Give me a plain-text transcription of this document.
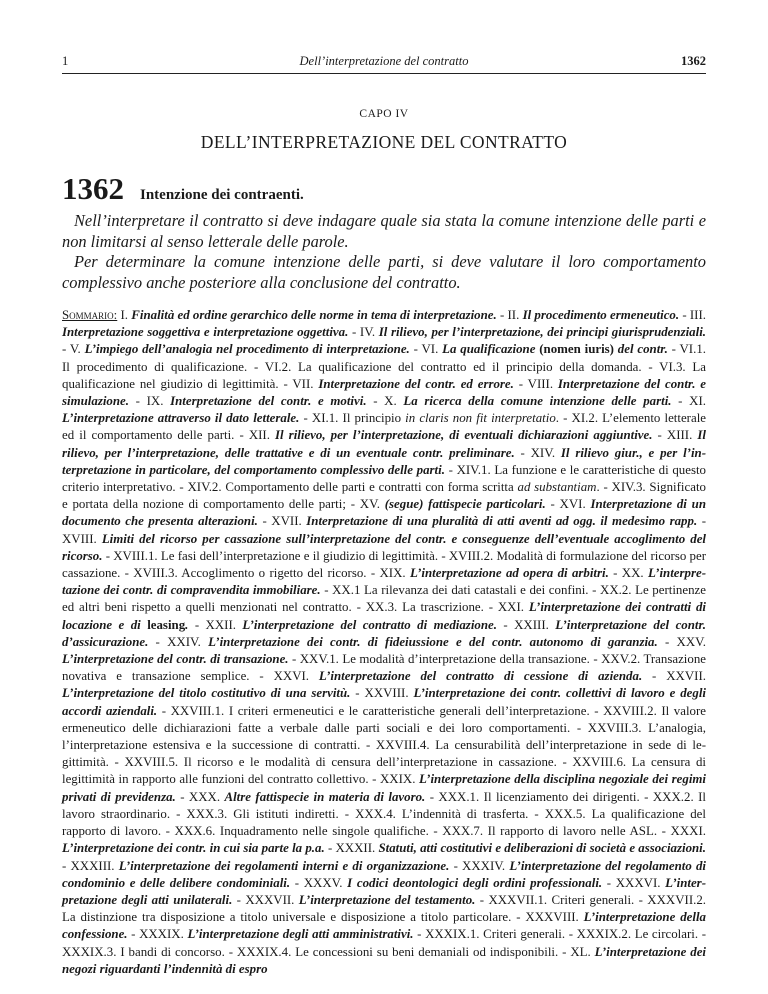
1	Dell’interpretazione del contratto	1362
CAPO IV
DELL’INTERPRETAZIONE DEL CONTRATTO
1362 Intenzione dei contraenti.

Nell’interpretare il contratto si deve indagare quale sia stata la comune intenzione delle parti e non limitarsi al senso letterale delle parole.

Per determinare la comune intenzione delle parti, si deve valutare il loro comportamento complessivo anche posteriore alla conclusione del contratto.

Sommario: I. Finalità ed ordine gerarchico delle norme in tema di interpretazione. - II. Il procedimento ermeneutico. - III. Interpretazione soggettiva e interpretazione oggettiva. - IV. Il rilievo, per l’interpretazione, dei principi giurisprudenziali. - V. L’impiego dell’analogia nel procedimento di interpretazione. - VI. La qualificazione (nomen iuris) del contr. - VI.1. Il procedimento di qualificazione. - VI.2. La qualificazione del contratto ed il principio della domanda. - VI.3. La qualificazione nel giudizio di legittimità. - VII. Interpretazione del contr. ed errore. - VIII. Interpretazione del contr. e simulazione. - IX. Interpretazione del contr. e motivi. - X. La ricerca della comune intenzione delle parti. - XI. L’interpretazione attraverso il dato letterale. - XI.1. Il principio in claris non fit interpretatio. - XI.2. L’elemento letterale ed il comportamento delle parti. - XII. Il rilievo, per l’interpretazione, di eventuali dichiarazioni aggiuntive. - XIII. Il rilievo, per l’interpretazione, delle trattative e di un eventuale contr. preliminare. - XIV. Il rilievo giur., e per l’interpretazione in particolare, del comportamento complessivo delle parti. - XIV.1. La funzione e le caratteristiche di questo criterio interpretativo. - XIV.2. Comportamento delle parti e contratti con forma scritta ad substantiam. - XIV.3. Significato e portata della nozione di comportamento delle parti; - XV. (segue) fattispecie particolari. - XVI. Interpretazione di un documento che presenta alterazioni. - XVII. Interpretazione di una pluralità di atti aventi ad ogg. il medesimo rapp. - XVIII. Limiti del ricorso per cassazione sull’interpretazione del contr. e conseguenze dell’eventuale accoglimento del ricorso. - XVIII.1. Le fasi dell’interpretazione e il giudizio di legittimità. - XVIII.2. Modalità di formulazione del ricorso per cassazione. - XVIII.3. Accoglimento o rigetto del ricorso. - XIX. L’interpretazione ad opera di arbitri. - XX. L’interpretazione dei contr. di compravendita immobiliare. - XX.1 La rilevanza dei dati catastali e dei confini. - XX.2. Le pertinenze ed altri beni rispetto a quelli menzionati nel contratto. - XX.3. La trascrizione. - XXI. L’interpretazione dei contratti di locazione e di leasing. - XXII. L’interpretazione del contratto di mediazione. - XXIII. L’interpretazione del contr. d’assicurazione. - XXIV. L’interpretazione dei contr. di fideiussione e del contr. autonomo di garanzia. - XXV. L’interpretazione del contr. di transazione. - XXV.1. Le modalità d’interpretazione della transazione. - XXV.2. Transazione novativa e transazione semplice. - XXVI. L’interpretazione del contratto di cessione di azienda. - XXVII. L’interpretazione del titolo costitutivo di una servitù. - XXVIII. L’interpretazione dei contr. collettivi di lavoro e degli accordi aziendali. - XXVIII.1. I criteri ermeneutici e le caratteristiche generali dell’interpretazione. - XXVIII.2. Il valore ermeneutico delle dichiarazioni fatte a verbale dalle parti sociali e dei loro comportamenti. - XXVIII.3. L’analogia, l’interpretazione estensiva e la successione di contratti. - XXVIII.4. La censurabilità dell’interpretazione in sede di legittimità. - XXVIII.5. Il ricorso e le modalità di censura dell’interpretazione in cassazione. - XXVIII.6. La censura di legittimità in rapporto alle funzioni del contratto collettivo. - XXIX. L’interpretazione della disciplina negoziale dei regimi privati di previdenza. - XXX. Altre fattispecie in materia di lavoro. - XXX.1. Il licenziamento dei dirigenti. - XXX.2. Il lavoro straordinario. - XXX.3. Gli istituti indiretti. - XXX.4. L’indennità di trasferta. - XXX.5. La qualificazione del rapporto di lavoro. - XXX.6. Inquadramento nelle singole qualifiche. - XXX.7. Il rapporto di lavoro nelle ASL. - XXXI. L’interpretazione dei contr. in cui sia parte la p.a. - XXXII. Statuti, atti costitutivi e deliberazioni di società e associazioni. - XXXIII. L’interpretazione dei regolamenti interni e di organizzazione. - XXXIV. L’interpretazione del regolamento di condominio e delle delibere condominiali. - XXXV. I codici deontologici degli ordini professionali. - XXXVI. L’interpretazione degli atti unilaterali. - XXXVII. L’interpretazione del testamento. - XXXVII.1. Criteri generali. - XXXVII.2. La distinzione tra disposizione a titolo universale e disposizione a titolo particolare. - XXXVIII. L’interpretazione della confessione. - XXXIX. L’interpretazione degli atti amministrativi. - XXXIX.1. Criteri generali. - XXXIX.2. Le circolari. - XXXIX.3. I bandi di concorso. - XXXIX.4. Le concessioni su beni demaniali od indisponibili. - XL. L’interpretazione dei negozi riguardanti l’indennità di espro
